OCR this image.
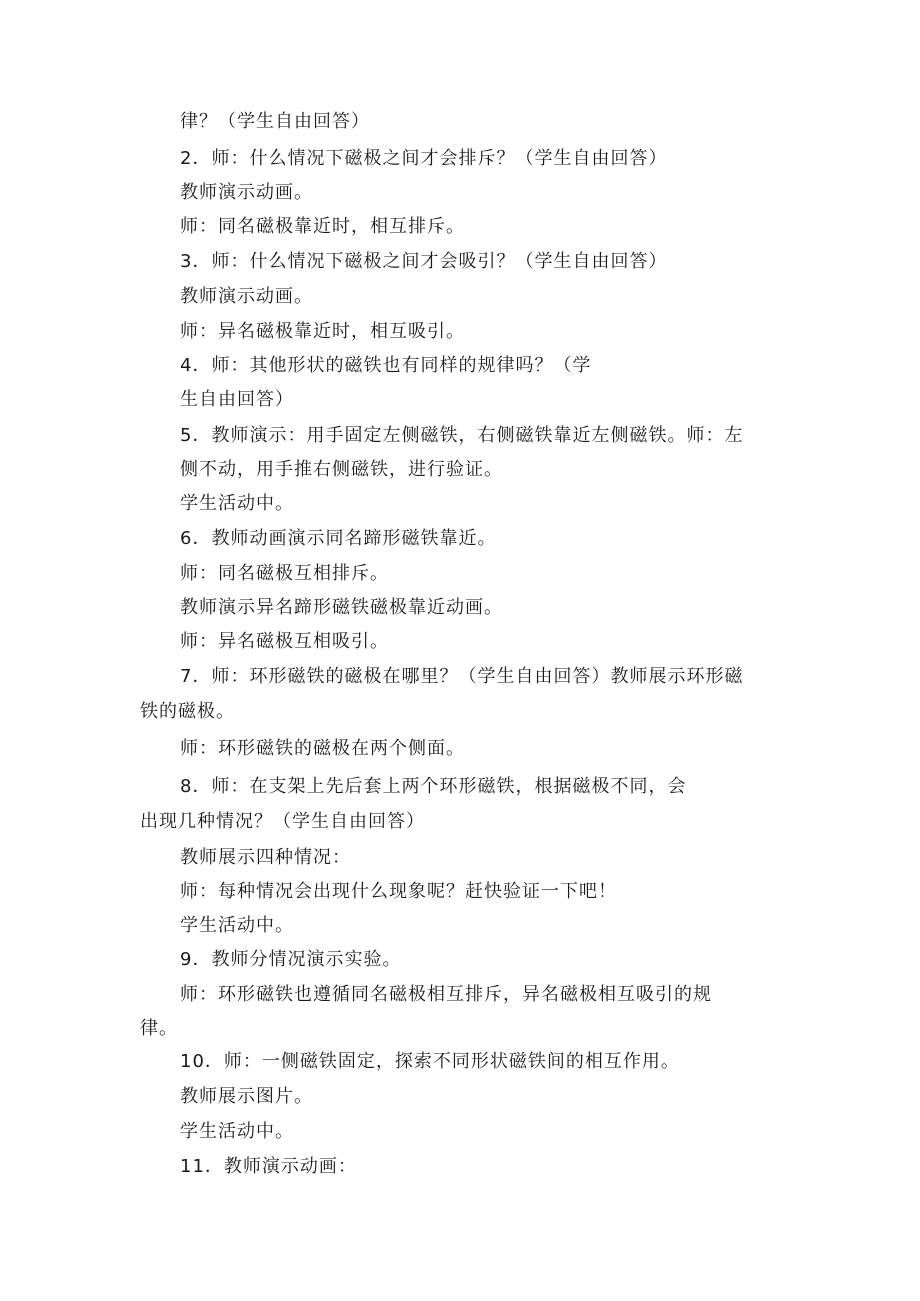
律？（学生自由回答）
2．师：什么情况下磁极之间才会排斥？（学生自由回答）
教师演示动画。
师：同名磁极靠近时，相互排斥。
3．师：什么情况下磁极之间才会吸引？（学生自由回答）
教师演示动画。
师：异名磁极靠近时，相互吸引。
4．师：其他形状的磁铁也有同样的规律吗？（学
生自由回答）
5．教师演示：用手固定左侧磁铁，右侧磁铁靠近左侧磁铁。师：左
侧不动，用手推右侧磁铁，进行验证。
学生活动中。
6．教师动画演示同名蹄形磁铁靠近。
师：同名磁极互相排斥。
教师演示异名蹄形磁铁磁极靠近动画。
师：异名磁极互相吸引。
7．师：环形磁铁的磁极在哪里？（学生自由回答）教师展示环形磁
铁的磁极。
师：环形磁铁的磁极在两个侧面。
8．师：在支架上先后套上两个环形磁铁，根据磁极不同，会
出现几种情况？（学生自由回答）
教师展示四种情况：
师：每种情况会出现什么现象呢？赶快验证一下吧！
学生活动中。
9．教师分情况演示实验。
师：环形磁铁也遵循同名磁极相互排斥，异名磁极相互吸引的规
律。
10．师：一侧磁铁固定，探索不同形状磁铁间的相互作用。
教师展示图片。
学生活动中。
11．教师演示动画：
